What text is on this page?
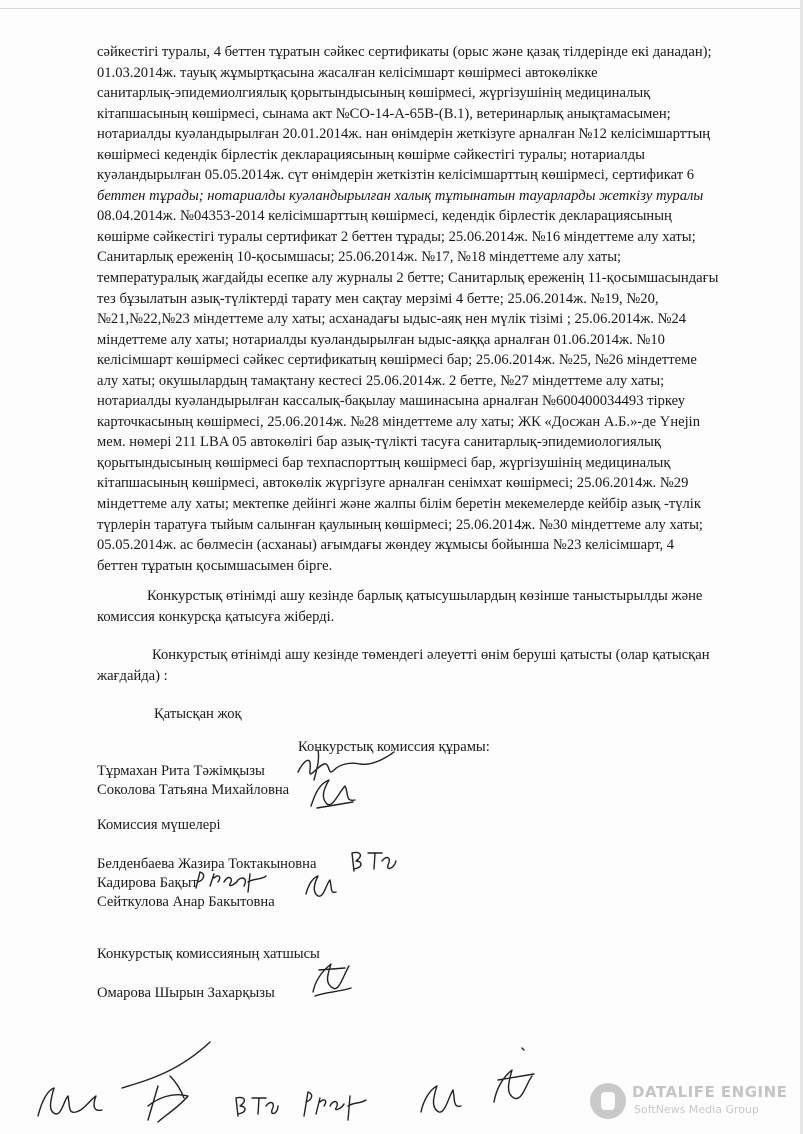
сәйкестігі туралы, 4 беттен тұратын сәйкес сертификаты (орыс және қазақ тілдерінде екі данадан);
01.03.2014ж. тауық жұмыртқасына жасалған келісімшарт көшірмесі автокөлікке
санитарлық-эпидемиолгиялық қорытындысының көшірмесі, жүргізушінің медициналық
кітапшасының көшірмесі, сынама акт №СО-14-А-65В-(В.1), ветеринарлық анықтамасымен;
нотариалды куәландырылған 20.01.2014ж. нан өнімдерін жеткізуге арналған №12 келісімшарттың
көшірмесі кедендік бірлестік декларациясының көшірме сәйкестігі туралы; нотариалды
куәландырылған 05.05.2014ж. сүт өнімдерін жеткізтін келісімшарттың көшірмесі, сертификат 6
беттен тұрады; нотариалды куәландырылған халық тұтынатын тауарларды жеткізу туралы
08.04.2014ж. №04353-2014 келісімшарттың көшірмесі, кедендік бірлестік декларациясының
көшірме сәйкестігі туралы сертификат 2 беттен тұрады; 25.06.2014ж. №16 міндеттеме алу хаты;
Санитарлық ереженің 10-қосымшасы; 25.06.2014ж. №17, №18 міндеттеме алу хаты;
температуралық жағдайды есепке алу журналы 2 бетте; Санитарлық ереженің 11-қосымшасындағы
тез бұзылатын азық-түліктерді тарату мен сақтау мерзімі 4 бетте; 25.06.2014ж. №19, №20,
№21,№22,№23 міндеттеме алу хаты; асханадағы ыдыс-аяқ нен мүлік тізімі ; 25.06.2014ж. №24
міндеттеме алу хаты; нотариалды куәландырылған ыдыс-аяққа арналған 01.06.2014ж. №10
келісімшарт көшірмесі сәйкес сертификатың көшірмесі бар; 25.06.2014ж. №25, №26 міндеттеме
алу хаты; окушылардың тамақтану кестесі 25.06.2014ж. 2 бетте, №27 міндеттеме алу хаты;
нотариалды куәландырылған кассалық-бақылау машинасына арналған №600400034493 тіркеу
карточкасының көшірмесі, 25.06.2014ж. №28 міндеттеме алу хаты; ЖК «Досжан А.Б.»-де Үнеjin
мем. нөмері 211 LBA 05 автокөлігі бар азық-түлікті тасуға санитарлық-эпидемиологиялық
қорытындысының көшірмесі бар техпаспорттың көшірмесі бар, жүргізушінің медициналық
кітапшасының көшірмесі, автокөлік жүргізуге арналған сенімхат көшірмесі; 25.06.2014ж. №29
міндеттеме алу хаты; мектепке дейінгі және жалпы білім беретін мекемелерде кейбір азық -түлік
түрлерін таратуға тыйым салынған қаулының көшірмесі; 25.06.2014ж. №30 міндеттеме алу хаты;
05.05.2014ж. ас бөлмесін (асханаы) ағымдағы жөндеу жұмысы бойынша №23 келісімшарт, 4
беттен тұратын қосымшасымен бірге.
Конкурстық өтінімді ашу кезінде барлық қатысушылардың көзінше таныстырылды және
комиссия конкурсқа қатысуға жіберді.
Конкурстық өтінімді ашу кезінде төмендегі әлеуетті өнім беруші қатысты (олар қатысқан
жағдайда) :
Қатысқан жоқ
Конкурстық комиссия құрамы:
Тұрмахан Рита Тәжімқызы
Соколова Татьяна Михайловна
Комиссия мүшелері
Белденбаева Жазира Токтакыновна
Кадирова Бақыт
Сейткулова Анар Бакытовна
Конкурстық комиссияның хатшысы
Омарова Шырын Захарқызы
DATALIFE ENGINE
SoftNews Media Group
